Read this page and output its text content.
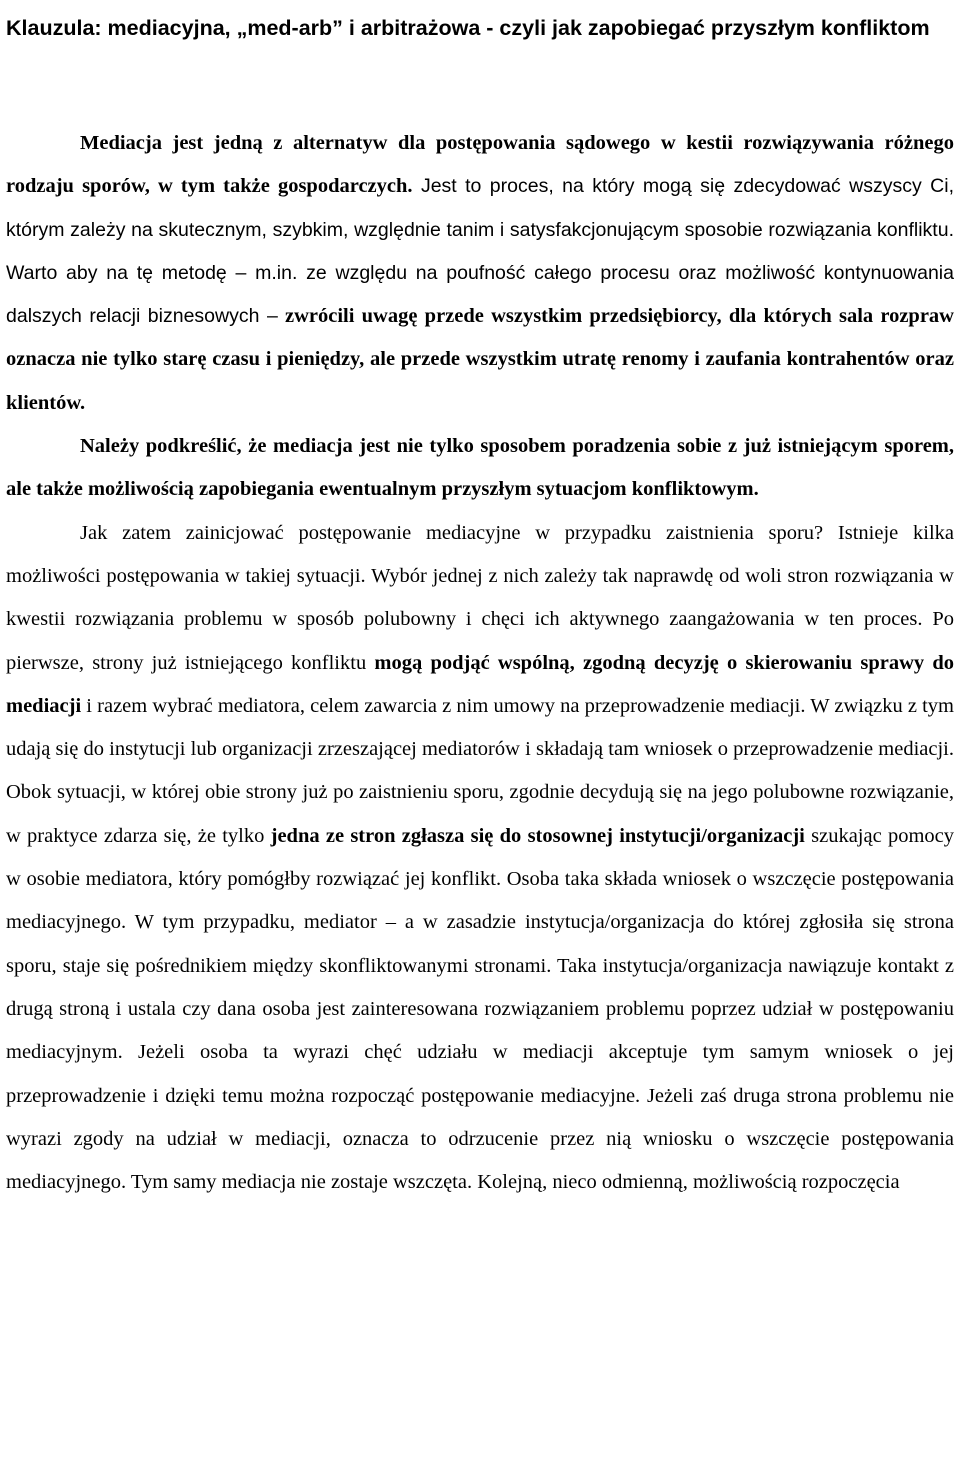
Klauzula: mediacyjna, „med-arb” i arbitrażowa - czyli jak zapobiegać przyszłym konfliktom

Mediacja jest jedną z alternatyw dla postępowania sądowego w kestii rozwiązywania różnego rodzaju sporów, w tym także gospodarczych. Jest to proces, na który mogą się zdecydować wszyscy Ci, którym zależy na skutecznym, szybkim, względnie tanim i satysfakcjonującym sposobie rozwiązania konfliktu. Warto aby na tę metodę – m.in. ze względu na poufność całego procesu oraz możliwość kontynuowania dalszych relacji biznesowych – zwrócili uwagę przede wszystkim przedsiębiorcy, dla których sala rozpraw oznacza nie tylko starę czasu i pieniędzy, ale przede wszystkim utratę renomy i zaufania kontrahentów oraz klientów.

Należy podkreślić, że mediacja jest nie tylko sposobem poradzenia sobie z już istniejącym sporem, ale także możliwością zapobiegania ewentualnym przyszłym sytuacjom konfliktowym.

Jak zatem zainicjować postępowanie mediacyjne w przypadku zaistnienia sporu? Istnieje kilka możliwości postępowania w takiej sytuacji. Wybór jednej z nich zależy tak naprawdę od woli stron rozwiązania w kwestii rozwiązania problemu w sposób polubowny i chęci ich aktywnego zaangażowania w ten proces. Po pierwsze, strony już istniejącego konfliktu mogą podjąć wspólną, zgodną decyzję o skierowaniu sprawy do mediacji i razem wybrać mediatora, celem zawarcia z nim umowy na przeprowadzenie mediacji. W związku z tym udają się do instytucji lub organizacji zrzeszającej mediatorów i składają tam wniosek o przeprowadzenie mediacji. Obok sytuacji, w której obie strony już po zaistnieniu sporu, zgodnie decydują się na jego polubowne rozwiązanie, w praktyce zdarza się, że tylko jedna ze stron zgłasza się do stosownej instytucji/organizacji szukając pomocy w osobie mediatora, który pomógłby rozwiązać jej konflikt. Osoba taka składa wniosek o wszczęcie postępowania mediacyjnego. W tym przypadku, mediator – a w zasadzie instytucja/organizacja do której zgłosiła się strona sporu, staje się pośrednikiem między skonfliktowanymi stronami. Taka instytucja/organizacja nawiązuje kontakt z drugą stroną i ustala czy dana osoba jest zainteresowana rozwiązaniem problemu poprzez udział w postępowaniu mediacyjnym. Jeżeli osoba ta wyrazi chęć udziału w mediacji akceptuje tym samym wniosek o jej przeprowadzenie i dzięki temu można rozpocząć postępowanie mediacyjne. Jeżeli zaś druga strona problemu nie wyrazi zgody na udział w mediacji, oznacza to odrzucenie przez nią wniosku o wszczęcie postępowania mediacyjnego. Tym samy mediacja nie zostaje wszczęta. Kolejną, nieco odmienną, możliwością rozpoczęcia
